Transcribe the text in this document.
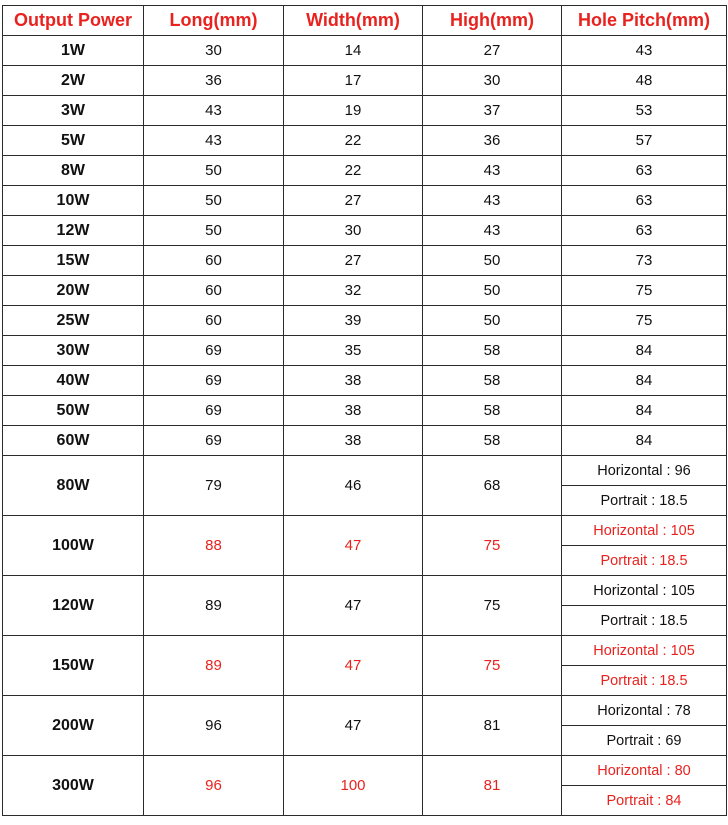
Output Power	Long(mm)	Width(mm)	High(mm)	Hole Pitch(mm)
1W	30	14	27	43
2W	36	17	30	48
3W	43	19	37	53
5W	43	22	36	57
8W	50	22	43	63
10W	50	27	43	63
12W	50	30	43	63
15W	60	27	50	73
20W	60	32	50	75
25W	60	39	50	75
30W	69	35	58	84
40W	69	38	58	84
50W	69	38	58	84
60W	69	38	58	84
80W	79	46	68	Horizontal : 96
				Portrait : 18.5
100W	88	47	75	Horizontal : 105
				Portrait : 18.5
120W	89	47	75	Horizontal : 105
				Portrait : 18.5
150W	89	47	75	Horizontal : 105
				Portrait : 18.5
200W	96	47	81	Horizontal : 78
				Portrait : 69
300W	96	100	81	Horizontal : 80
				Portrait : 84
